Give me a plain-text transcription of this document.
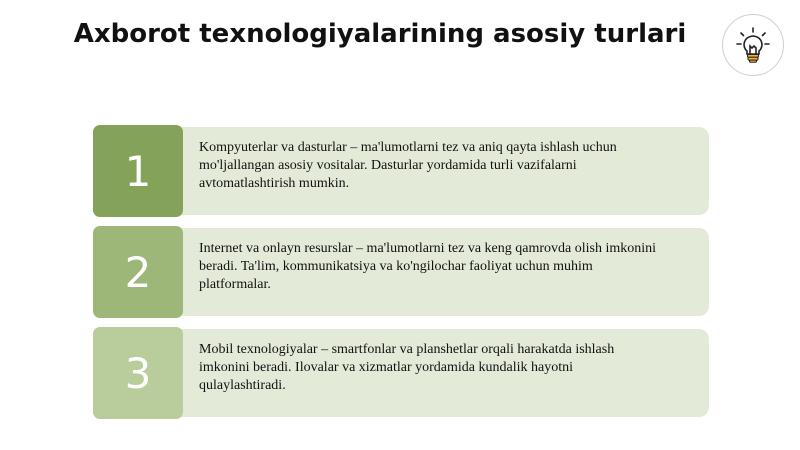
Axborot texnologiyalarining asosiy turlari

Kompyuterlar va dasturlar – ma'lumotlarni tez va aniq qayta ishlash uchun mo'ljallangan asosiy vositalar. Dasturlar yordamida turli vazifalarni avtomatlashtirish mumkin.

1

Internet va onlayn resurslar – ma'lumotlarni tez va keng qamrovda olish imkonini beradi. Ta'lim, kommunikatsiya va ko'ngilochar faoliyat uchun muhim platformalar.

2

Mobil texnologiyalar – smartfonlar va planshetlar orqali harakatda ishlash imkonini beradi. Ilovalar va xizmatlar yordamida kundalik hayotni qulaylashtiradi.

3
